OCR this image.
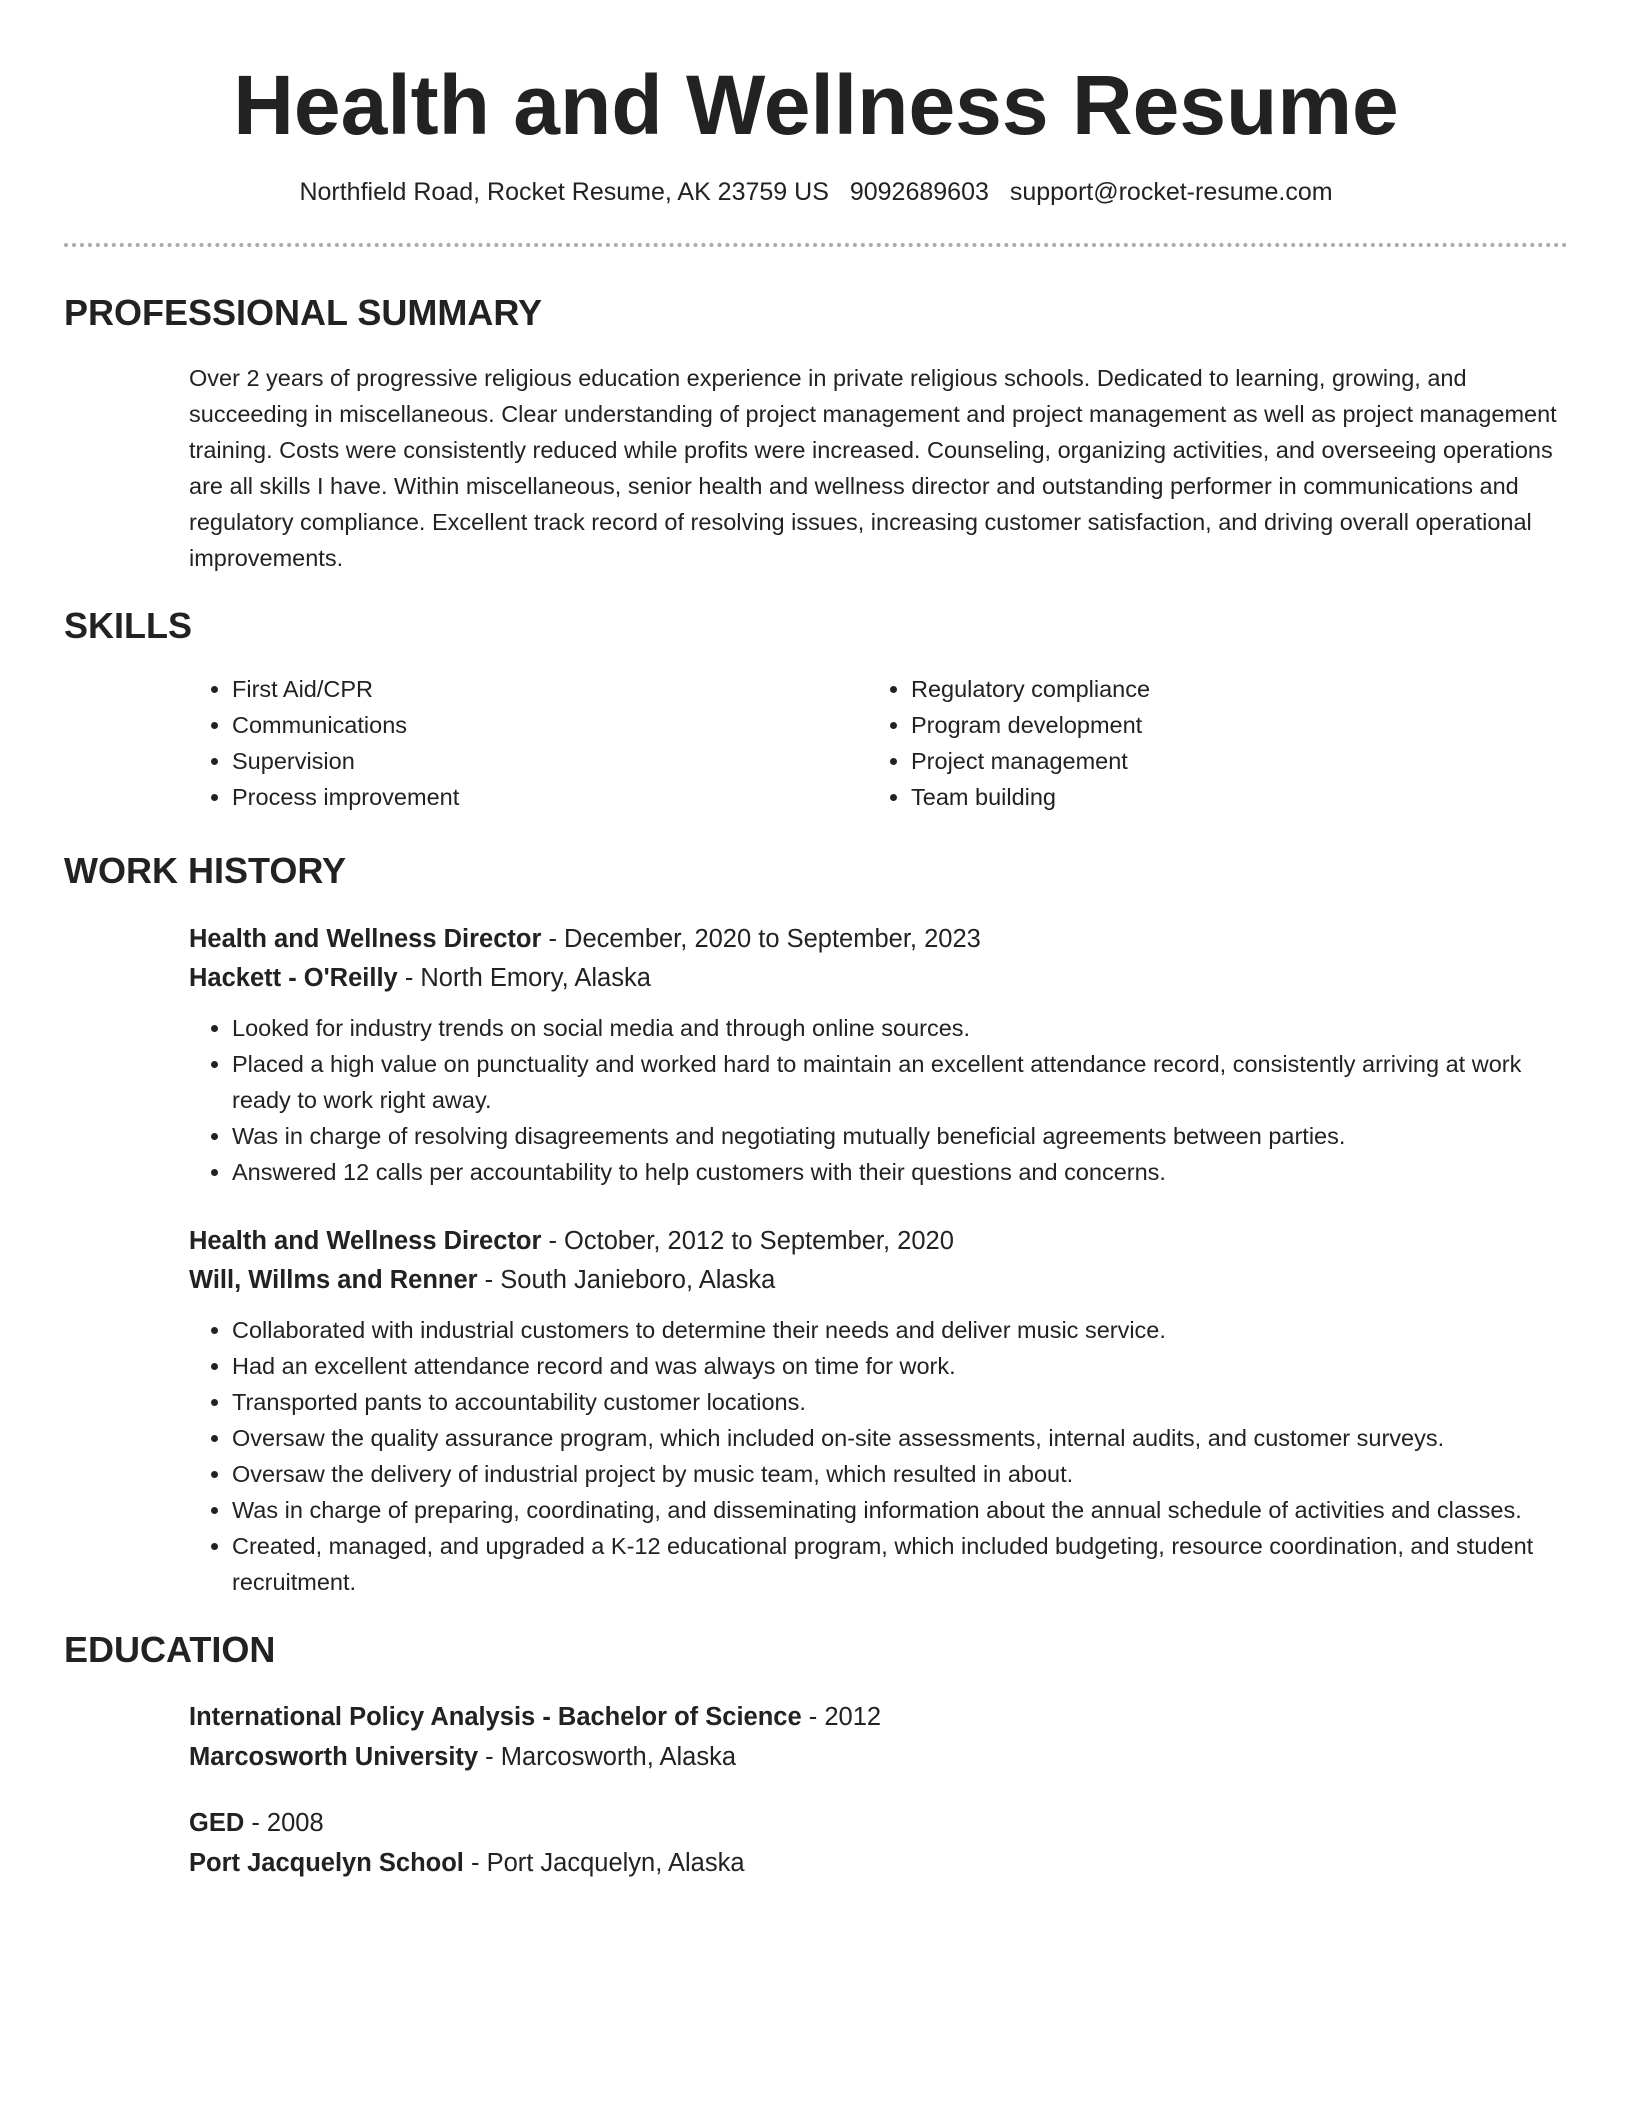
Health and Wellness Resume
Northfield Road, Rocket Resume, AK 23759 US 9092689603 support@rocket-resume.com
PROFESSIONAL SUMMARY

Over 2 years of progressive religious education experience in private religious schools. Dedicated to learning, growing, and succeeding in miscellaneous. Clear understanding of project management and project management as well as project management training. Costs were consistently reduced while profits were increased. Counseling, organizing activities, and overseeing operations are all skills I have. Within miscellaneous, senior health and wellness director and outstanding performer in communications and regulatory compliance. Excellent track record of resolving issues, increasing customer satisfaction, and driving overall operational improvements.

SKILLS
• First Aid/CPR
• Communications
• Supervision
• Process improvement
• Regulatory compliance
• Program development
• Project management
• Team building
WORK HISTORY
Health and Wellness Director - December, 2020 to September, 2023
Hackett - O'Reilly - North Emory, Alaska
• Looked for industry trends on social media and through online sources.
• Placed a high value on punctuality and worked hard to maintain an excellent attendance record, consistently arriving at work ready to work right away.
• Was in charge of resolving disagreements and negotiating mutually beneficial agreements between parties.
• Answered 12 calls per accountability to help customers with their questions and concerns.
Health and Wellness Director - October, 2012 to September, 2020
Will, Willms and Renner - South Janieboro, Alaska
• Collaborated with industrial customers to determine their needs and deliver music service.
• Had an excellent attendance record and was always on time for work.
• Transported pants to accountability customer locations.
• Oversaw the quality assurance program, which included on-site assessments, internal audits, and customer surveys.
• Oversaw the delivery of industrial project by music team, which resulted in about.
• Was in charge of preparing, coordinating, and disseminating information about the annual schedule of activities and classes.
• Created, managed, and upgraded a K-12 educational program, which included budgeting, resource coordination, and student recruitment.
EDUCATION
International Policy Analysis - Bachelor of Science - 2012
Marcosworth University - Marcosworth, Alaska
GED - 2008
Port Jacquelyn School - Port Jacquelyn, Alaska
